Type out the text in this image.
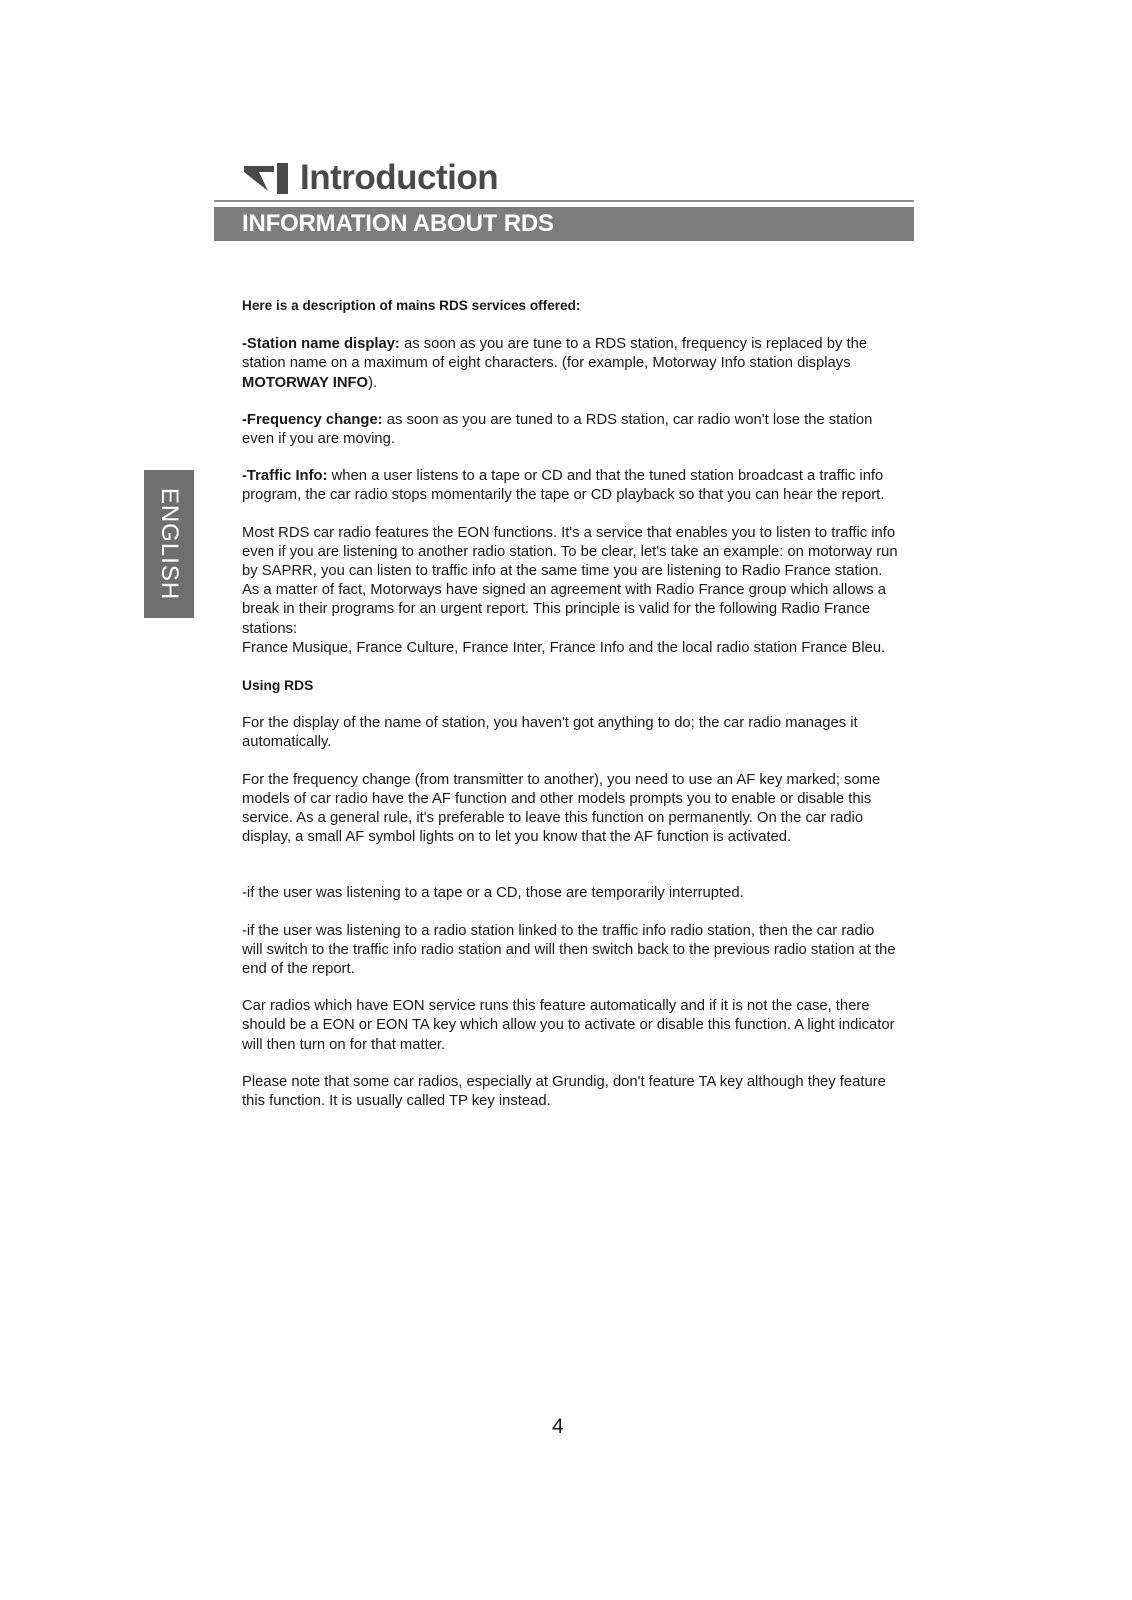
Introduction
INFORMATION ABOUT RDS
ENGLISH

Here is a description of mains RDS services offered:

-Station name display: as soon as you are tune to a RDS station, frequency is replaced by the station name on a maximum of eight characters. (for example, Motorway Info station displays MOTORWAY INFO).

-Frequency change: as soon as you are tuned to a RDS station, car radio won't lose the station even if you are moving.

-Traffic Info: when a user listens to a tape or CD and that the tuned station broadcast a traffic info program, the car radio stops momentarily the tape or CD playback so that you can hear the report.

Most RDS car radio features the EON functions. It's a service that enables you to listen to traffic info even if you are listening to another radio station. To be clear, let's take an example: on motorway run by SAPRR, you can listen to traffic info at the same time you are listening to Radio France station. As a matter of fact, Motorways have signed an agreement with Radio France group which allows a break in their programs for an urgent report. This principle is valid for the following Radio France stations:

France Musique, France Culture, France Inter, France Info and the local radio station France Bleu.

Using RDS

For the display of the name of station, you haven't got anything to do; the car radio manages it automatically.

For the frequency change (from transmitter to another), you need to use an AF key marked; some models of car radio have the AF function and other models prompts you to enable or disable this service. As a general rule, it's preferable to leave this function on permanently. On the car radio display, a small AF symbol lights on to let you know that the AF function is activated.

-if the user was listening to a tape or a CD, those are temporarily interrupted.

-if the user was listening to a radio station linked to the traffic info radio station, then the car radio will switch to the traffic info radio station and will then switch back to the previous radio station at the end of the report.

Car radios which have EON service runs this feature automatically and if it is not the case, there should be a EON or EON TA key which allow you to activate or disable this function. A light indicator will then turn on for that matter.

Please note that some car radios, especially at Grundig, don't feature TA key although they feature this function. It is usually called TP key instead.

4
